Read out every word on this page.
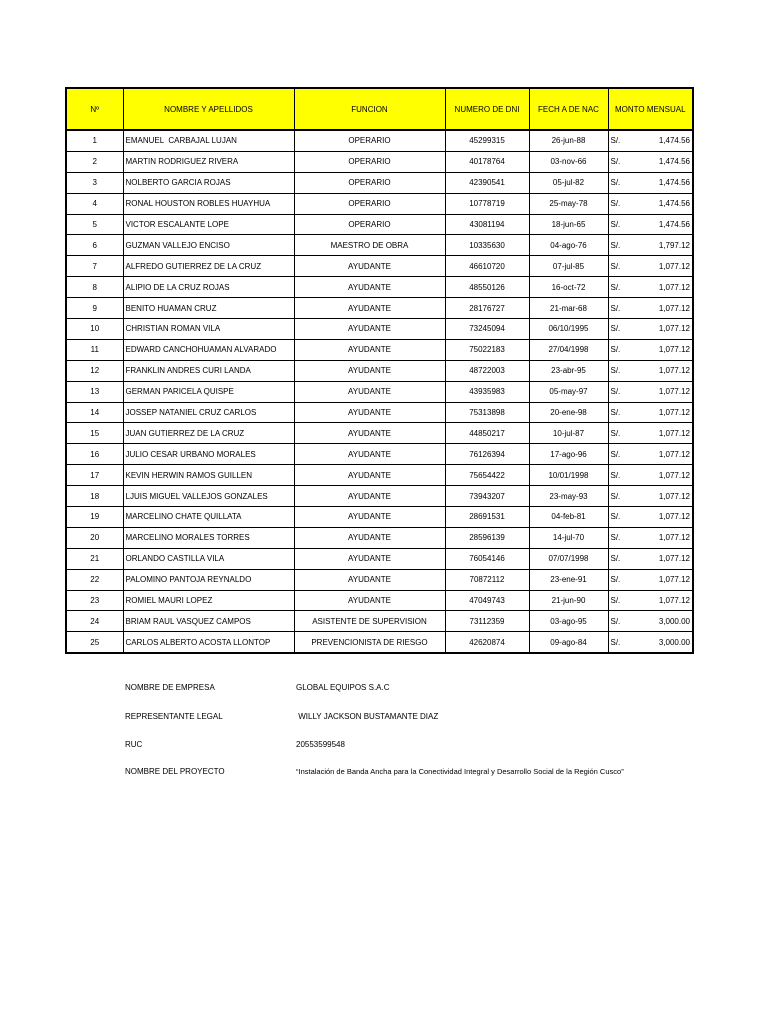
Nº	NOMBRE Y APELLIDOS	FUNCION	NUMERO DE DNI	FECH A DE NAC	MONTO MENSUAL	
1	EMANUEL  CARBAJAL LUJAN	OPERARIO	45299315	26-jun-88	S/.	1,474.56
2	MARTIN RODRIGUEZ RIVERA	OPERARIO	40178764	03-nov-66	S/.	1,474.56
3	NOLBERTO GARCIA ROJAS	OPERARIO	42390541	05-jul-82	S/.	1,474.56
4	RONAL HOUSTON ROBLES HUAYHUA	OPERARIO	10778719	25-may-78	S/.	1,474.56
5	VICTOR ESCALANTE LOPE	OPERARIO	43081194	18-jun-65	S/.	1,474.56
6	GUZMAN VALLEJO ENCISO	MAESTRO DE OBRA	10335630	04-ago-76	S/.	1,797.12
7	ALFREDO GUTIERREZ DE LA CRUZ	AYUDANTE	46610720	07-jul-85	S/.	1,077.12
8	ALIPIO DE LA CRUZ ROJAS	AYUDANTE	48550126	16-oct-72	S/.	1,077.12
9	BENITO HUAMAN CRUZ	AYUDANTE	28176727	21-mar-68	S/.	1,077.12
10	CHRISTIAN ROMAN VILA	AYUDANTE	73245094	06/10/1995	S/.	1,077.12
11	EDWARD CANCHOHUAMAN ALVARADO	AYUDANTE	75022183	27/04/1998	S/.	1,077.12
12	FRANKLIN ANDRES CURI LANDA	AYUDANTE	48722003	23-abr-95	S/.	1,077.12
13	GERMAN PARICELA QUISPE	AYUDANTE	43935983	05-may-97	S/.	1,077.12
14	JOSSEP NATANIEL CRUZ CARLOS	AYUDANTE	75313898	20-ene-98	S/.	1,077.12
15	JUAN GUTIERREZ DE LA CRUZ	AYUDANTE	44850217	10-jul-87	S/.	1,077.12
16	JULIO CESAR URBANO MORALES	AYUDANTE	76126394	17-ago-96	S/.	1,077.12
17	KEVIN HERWIN RAMOS GUILLEN	AYUDANTE	75654422	10/01/1998	S/.	1,077.12
18	LJUIS MIGUEL VALLEJOS GONZALES	AYUDANTE	73943207	23-may-93	S/.	1,077.12
19	MARCELINO CHATE QUILLATA	AYUDANTE	28691531	04-feb-81	S/.	1,077.12
20	MARCELINO MORALES TORRES	AYUDANTE	28596139	14-jul-70	S/.	1,077.12
21	ORLANDO CASTILLA VILA	AYUDANTE	76054146	07/07/1998	S/.	1,077.12
22	PALOMINO PANTOJA REYNALDO	AYUDANTE	70872112	23-ene-91	S/.	1,077.12
23	ROMIEL MAURI LOPEZ	AYUDANTE	47049743	21-jun-90	S/.	1,077.12
24	BRIAM RAUL VASQUEZ CAMPOS	ASISTENTE DE SUPERVISION	73112359	03-ago-95	S/.	3,000.00
25	CARLOS ALBERTO ACOSTA LLONTOP	PREVENCIONISTA DE RIESGO	42620874	09-ago-84	S/.	3,000.00
NOMBRE DE EMPRESA	GLOBAL EQUIPOS S.A.C
REPRESENTANTE LEGAL	WILLY JACKSON BUSTAMANTE DIAZ
RUC	20553599548
NOMBRE DEL PROYECTO	“Instalación de Banda Ancha para la Conectividad Integral y Desarrollo Social de la Región Cusco”
